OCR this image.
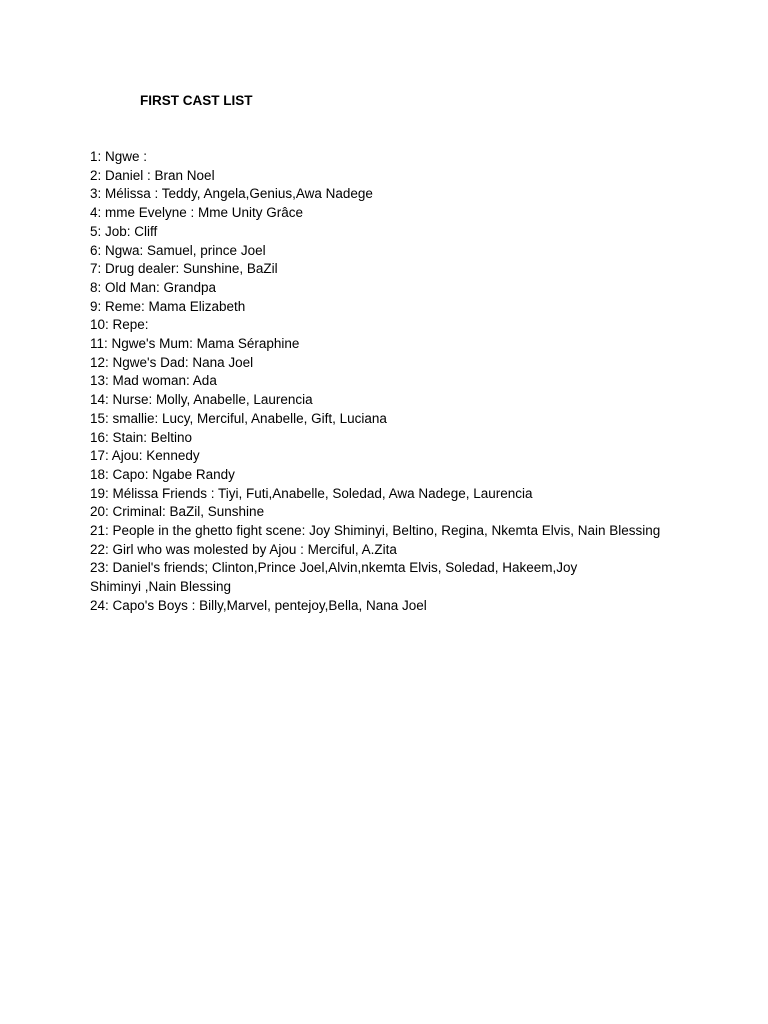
FIRST CAST LIST
1: Ngwe :
2: Daniel : Bran Noel
3: Mélissa : Teddy, Angela,Genius,Awa Nadege
4: mme Evelyne : Mme Unity Grâce
5: Job: Cliff
6: Ngwa: Samuel, prince Joel
7: Drug dealer: Sunshine, BaZil
8: Old Man: Grandpa
9: Reme: Mama Elizabeth
10: Repe:
11: Ngwe's Mum: Mama Séraphine
12: Ngwe's Dad: Nana Joel
13: Mad woman: Ada
14: Nurse: Molly, Anabelle, Laurencia
15: smallie: Lucy, Merciful, Anabelle, Gift, Luciana
16: Stain: Beltino
17: Ajou: Kennedy
18: Capo: Ngabe Randy
19: Mélissa Friends : Tiyi, Futi,Anabelle, Soledad, Awa Nadege, Laurencia
20: Criminal: BaZil, Sunshine
21: People in the ghetto fight scene: Joy Shiminyi, Beltino, Regina, Nkemta Elvis, Nain Blessing
22: Girl who was molested by Ajou : Merciful, A.Zita
23: Daniel's friends; Clinton,Prince Joel,Alvin,nkemta Elvis, Soledad, Hakeem,Joy
Shiminyi ,Nain Blessing
24: Capo's Boys : Billy,Marvel, pentejoy,Bella, Nana Joel
